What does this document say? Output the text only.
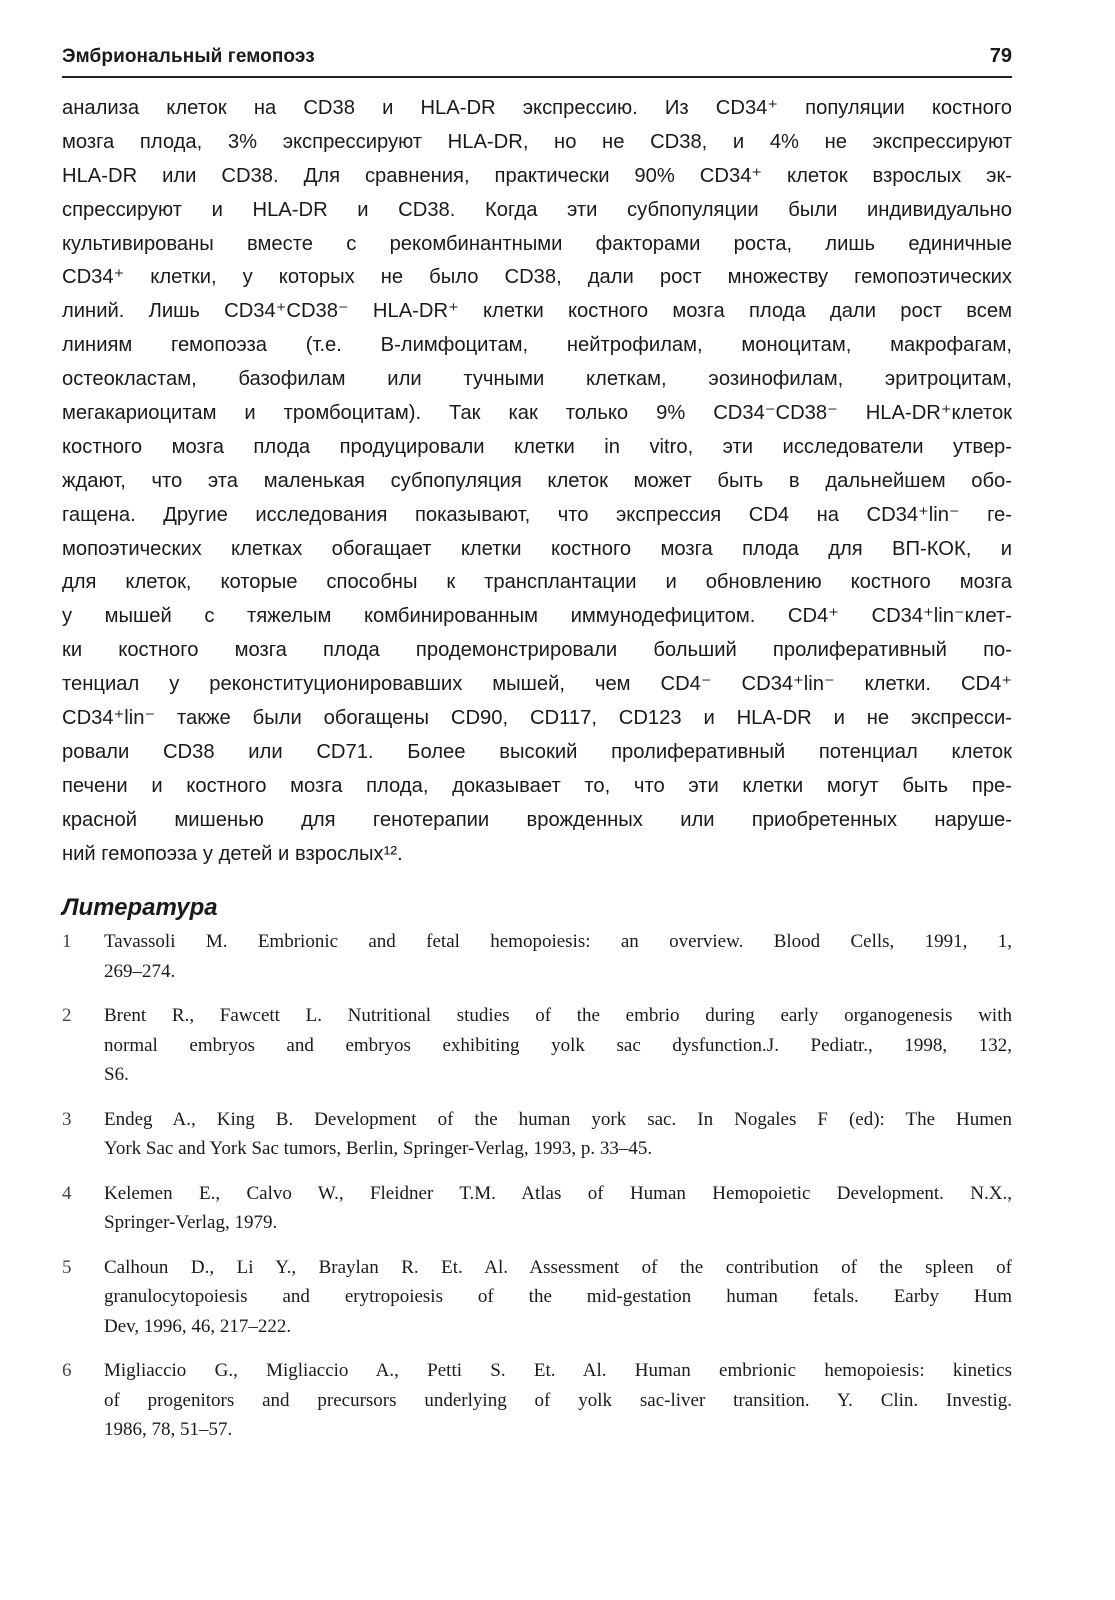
Эмбриональный гемопоэз	79
анализа клеток на CD38 и HLA-DR экспрессию. Из CD34⁺ популяции костного
мозга плода, 3% экспрессируют HLA-DR, но не CD38, и 4% не экспрессируют
HLA-DR или CD38. Для сравнения, практически 90% CD34⁺ клеток взрослых эк-
спрессируют и HLA-DR и CD38. Когда эти субпопуляции были индивидуально
культивированы вместе с рекомбинантными факторами роста, лишь единичные
CD34⁺ клетки, у которых не было CD38, дали рост множеству гемопоэтических
линий. Лишь CD34⁺CD38⁻ HLA-DR⁺ клетки костного мозга плода дали рост всем
линиям гемопоэза (т.е. В-лимфоцитам, нейтрофилам, моноцитам, макрофагам,
остеокластам, базофилам или тучными клеткам, эозинофилам, эритроцитам,
мегакариоцитам и тромбоцитам). Так как только 9% CD34⁻CD38⁻ HLA-DR⁺клеток
костного мозга плода продуцировали клетки in vitro, эти исследователи утвер-
ждают, что эта маленькая субпопуляция клеток может быть в дальнейшем обо-
гащена. Другие исследования показывают, что экспрессия CD4 на CD34⁺lin⁻ ге-
мопоэтических клетках обогащает клетки костного мозга плода для ВП-КОК, и
для клеток, которые способны к трансплантации и обновлению костного мозга
у мышей с тяжелым комбинированным иммунодефицитом. CD4⁺ CD34⁺lin⁻клет-
ки костного мозга плода продемонстрировали больший пролиферативный по-
тенциал у реконституционировавших мышей, чем CD4⁻ CD34⁺lin⁻ клетки. CD4⁺
CD34⁺lin⁻ также были обогащены CD90, CD117, CD123 и HLA-DR и не экспресси-
ровали CD38 или CD71. Более высокий пролиферативный потенциал клеток
печени и костного мозга плода, доказывает то, что эти клетки могут быть пре-
красной мишенью для генотерапии врожденных или приобретенных наруше-
ний гемопоэза у детей и взрослых¹².
Литература
1	Tavassoli M. Embrionic and fetal hemopoiesis: an overview. Blood Cells, 1991, 1,
269–274.
2	Brent R., Fawcett L. Nutritional studies of the embrio during early organogenesis with
normal embryos and embryos exhibiting yolk sac dysfunction.J. Pediatr., 1998, 132,
S6.
3	Endeg A., King B. Development of the human york sac. In Nogales F (ed): The Humen
York Sac and York Sac tumors, Berlin, Springer-Verlag, 1993, p. 33–45.
4	Kelemen E., Calvo W., Fleidner T.M. Atlas of Human Hemopoietic Development. N.X.,
Springer-Verlag, 1979.
5	Calhoun D., Li Y., Braylan R. Et. Al. Assessment of the contribution of the spleen of
granulocytopoiesis and erytropoiesis of the mid-gestation human fetals. Earby Hum
Dev, 1996, 46, 217–222.
6	Migliaccio G., Migliaccio A., Petti S. Et. Al. Human embrionic hemopoiesis: kinetics
of progenitors and precursors underlying of yolk sac-liver transition. Y. Clin. Investig.
1986, 78, 51–57.
